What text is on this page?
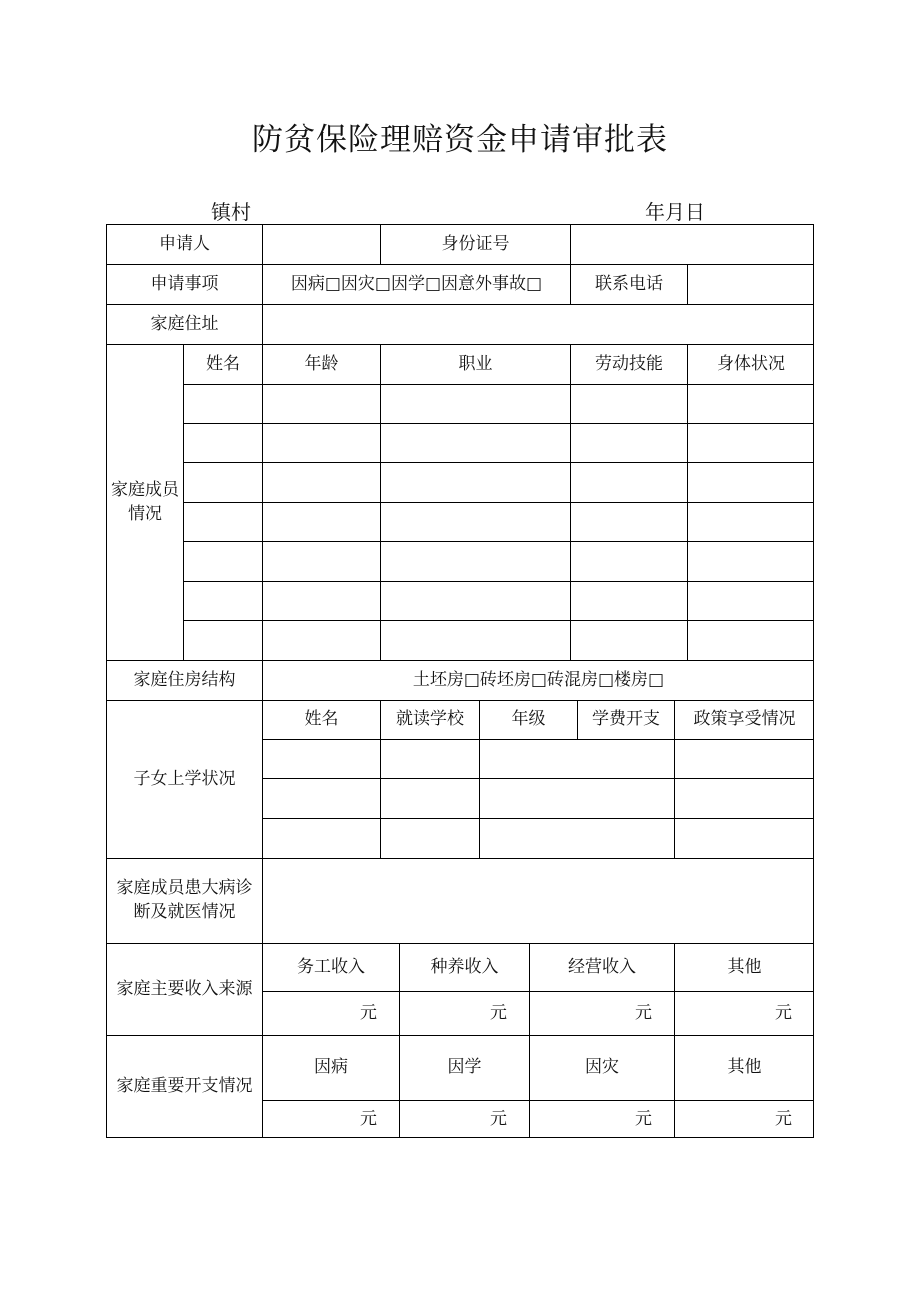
防贫保险理赔资金申请审批表
镇村	年月日
申请人	身份证号
申请事项	因病□因灾□因学□因意外事故□	联系电话
家庭住址
家庭成员情况
姓名	年龄	职业	劳动技能	身体状况
家庭住房结构	土坯房□砖坯房□砖混房□楼房□
子女上学状况
姓名	就读学校	年级	学费开支	政策享受情况
家庭成员患大病诊断及就医情况
家庭主要收入来源
务工收入	种养收入	经营收入	其他
元	元	元	元
家庭重要开支情况
因病	因学	因灾	其他
元	元	元	元
